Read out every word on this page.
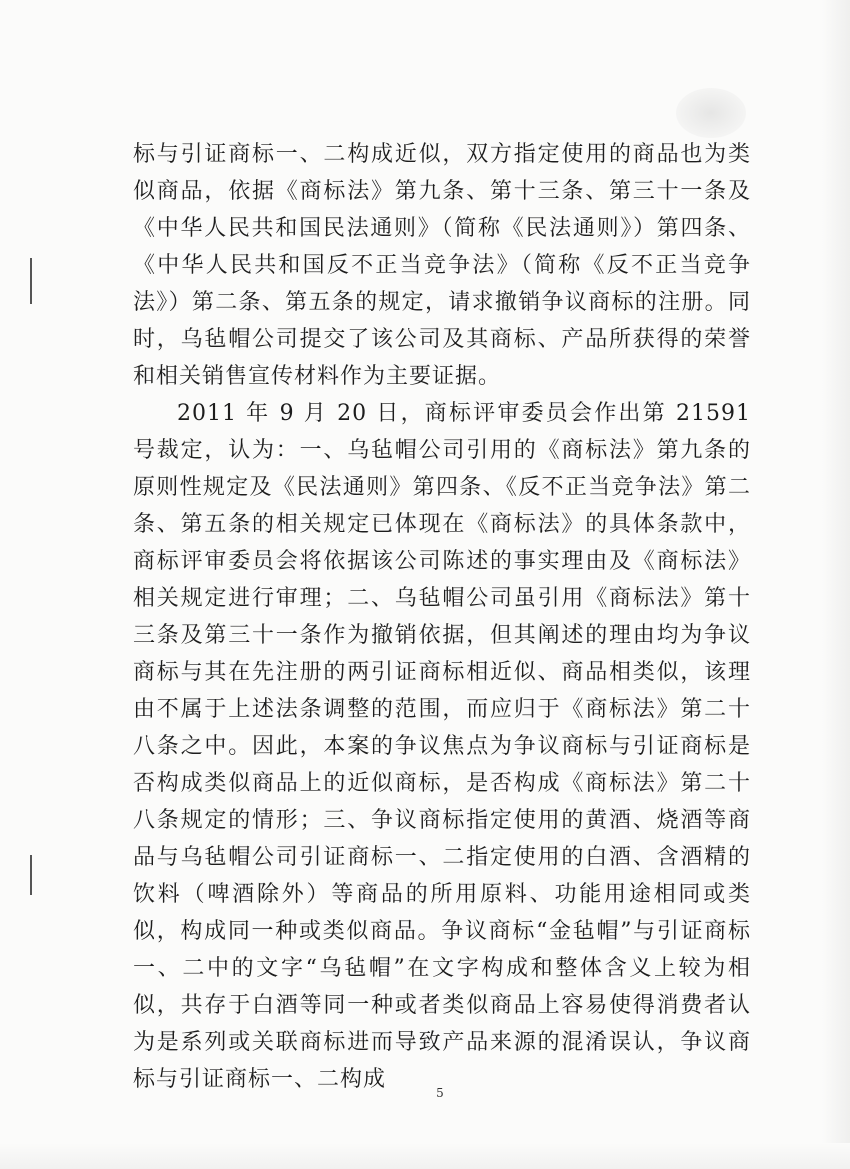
标与引证商标一、二构成近似，双方指定使用的商品也为类似商品，依据《商标法》第九条、第十三条、第三十一条及《中华人民共和国民法通则》（简称《民法通则》）第四条、《中华人民共和国反不正当竞争法》（简称《反不正当竞争法》）第二条、第五条的规定，请求撤销争议商标的注册。同时，乌毡帽公司提交了该公司及其商标、产品所获得的荣誉和相关销售宣传材料作为主要证据。

2011 年 9 月 20 日，商标评审委员会作出第 21591 号裁定，认为：一、乌毡帽公司引用的《商标法》第九条的原则性规定及《民法通则》第四条、《反不正当竞争法》第二条、第五条的相关规定已体现在《商标法》的具体条款中，商标评审委员会将依据该公司陈述的事实理由及《商标法》相关规定进行审理；二、乌毡帽公司虽引用《商标法》第十三条及第三十一条作为撤销依据，但其阐述的理由均为争议商标与其在先注册的两引证商标相近似、商品相类似，该理由不属于上述法条调整的范围，而应归于《商标法》第二十八条之中。因此，本案的争议焦点为争议商标与引证商标是否构成类似商品上的近似商标，是否构成《商标法》第二十八条规定的情形；三、争议商标指定使用的黄酒、烧酒等商品与乌毡帽公司引证商标一、二指定使用的白酒、含酒精的饮料（啤酒除外）等商品的所用原料、功能用途相同或类似，构成同一种或类似商品。争议商标“金毡帽”与引证商标一、二中的文字“乌毡帽”在文字构成和整体含义上较为相似，共存于白酒等同一种或者类似商品上容易使得消费者认为是系列或关联商标进而导致产品来源的混淆误认，争议商标与引证商标一、二构成

5
